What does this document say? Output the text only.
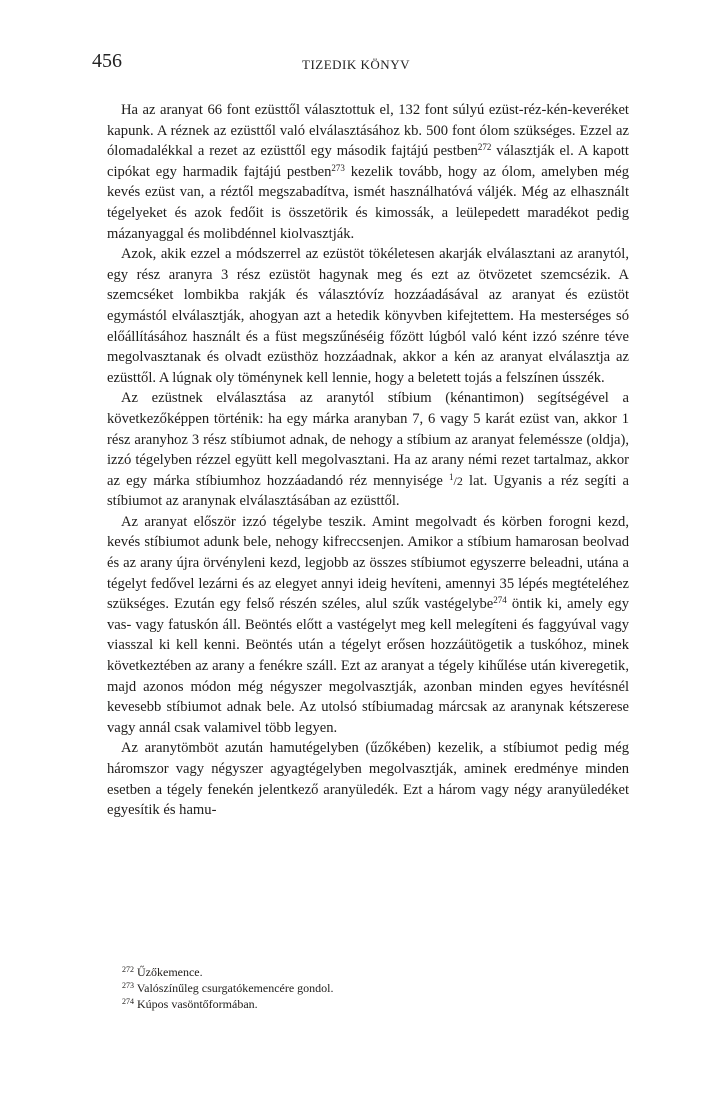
456	TIZEDIK KÖNYV

Ha az aranyat 66 font ezüsttől választottuk el, 132 font súlyú ezüst-réz-kén-keveréket kapunk. A réznek az ezüsttől való elválasztásához kb. 500 font ólom szükséges. Ezzel az ólomadalékkal a rezet az ezüsttől egy második fajtájú pestben$^{272}$ választják el. A kapott cipókat egy harmadik fajtájú pestben$^{273}$ kezelik tovább, hogy az ólom, amelyben még kevés ezüst van, a réztől megszabadítva, ismét használhatóvá váljék. Még az elhasznált tégelyeket és azok fedőit is összetörik és kimossák, a leülepedett maradékot pedig mázanyaggal és molibdénnel kiolvasztják.

Azok, akik ezzel a módszerrel az ezüstöt tökéletesen akarják elválasztani az aranytól, egy rész aranyra 3 rész ezüstöt hagynak meg és ezt az ötvözetet szemcsézik. A szemcséket lombikba rakják és választóvíz hozzáadásával az aranyat és ezüstöt egymástól elválasztják, ahogyan azt a hetedik könyvben kifejtettem. Ha mesterséges só előállításához használt és a füst megszűnéséig főzött lúgból való ként izzó szénre téve megolvasztanak és olvadt ezüsthöz hozzáadnak, akkor a kén az aranyat elválasztja az ezüsttől. A lúgnak oly töménynek kell lennie, hogy a beletett tojás a felszínen ússzék.

Az ezüstnek elválasztása az aranytól stíbium (kénantimon) segítségével a következőképpen történik: ha egy márka aranyban 7, 6 vagy 5 karát ezüst van, akkor 1 rész aranyhoz 3 rész stíbiumot adnak, de nehogy a stíbium az aranyat feleméssze (oldja), izzó tégelyben rézzel együtt kell megolvasztani. Ha az arany némi rezet tartalmaz, akkor az egy márka stíbiumhoz hozzáadandó réz mennyisége $^1$/2 lat. Ugyanis a réz segíti a stíbiumot az aranynak elválasztásában az ezüsttől.

Az aranyat először izzó tégelybe teszik. Amint megolvadt és körben forogni kezd, kevés stíbiumot adunk bele, nehogy kifreccsenjen. Amikor a stíbium hamarosan beolvad és az arany újra örvényleni kezd, legjobb az összes stíbiumot egyszerre beleadni, utána a tégelyt fedővel lezárni és az elegyet annyi ideig hevíteni, amennyi 35 lépés megtételéhez szükséges. Ezután egy felső részén széles, alul szűk vastégelybe$^{274}$ öntik ki, amely egy vas- vagy fatuskón áll. Beöntés előtt a vastégelyt meg kell melegíteni és faggyúval vagy viasszal ki kell kenni. Beöntés után a tégelyt erősen hozzáütögetik a tuskóhoz, minek következtében az arany a fenékre száll. Ezt az aranyat a tégely kihűlése után kiveregetik, majd azonos módon még négyszer megolvasztják, azonban minden egyes hevítésnél kevesebb stíbiumot adnak bele. Az utolsó stíbiumadag márcsak az aranynak kétszerese vagy annál csak valamivel több legyen.

Az aranytömböt azután hamutégelyben (űzőkében) kezelik, a stíbiumot pedig még háromszor vagy négyszer agyagtégelyben megolvasztják, aminek eredménye minden esetben a tégely fenekén jelentkező aranyüledék. Ezt a három vagy négy aranyüledéket egyesítik és hamu-

$^{272}$ Űzőkemence.

$^{273}$ Valószínűleg csurgatókemencére gondol.

$^{274}$ Kúpos vasöntőformában.
